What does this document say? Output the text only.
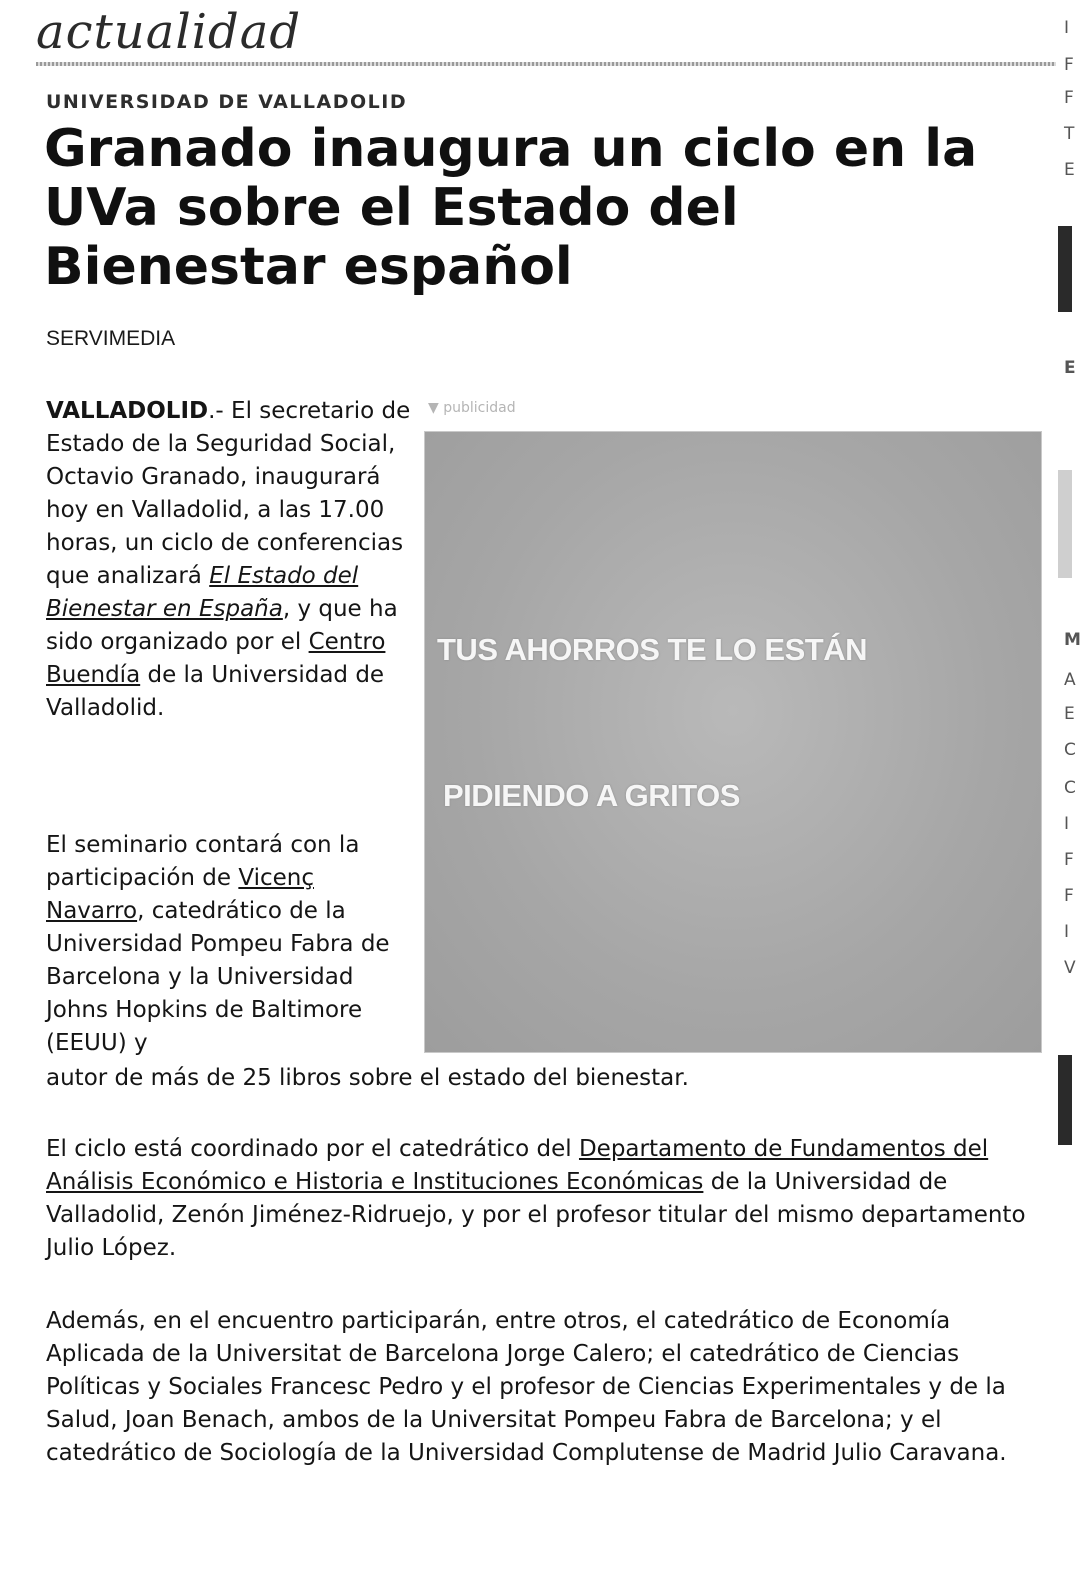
actualidad
UNIVERSIDAD DE VALLADOLID
Granado inaugura un ciclo en la UVa sobre el Estado del Bienestar español
SERVIMEDIA

VALLADOLID.- El secretario de Estado de la Seguridad Social, Octavio Granado, inaugurará hoy en Valladolid, a las 17.00 horas, un ciclo de conferencias que analizará El Estado del Bienestar en España, y que ha sido organizado por el Centro Buendía de la Universidad de Valladolid.

El seminario contará con la participación de Vicenç Navarro, catedrático de la Universidad Pompeu Fabra de Barcelona y la Universidad Johns Hopkins de Baltimore (EEUU) y

autor de más de 25 libros sobre el estado del bienestar.

El ciclo está coordinado por el catedrático del Departamento de Fundamentos del Análisis Económico e Historia e Instituciones Económicas de la Universidad de Valladolid, Zenón Jiménez-Ridruejo, y por el profesor titular del mismo departamento Julio López.

Además, en el encuentro participarán, entre otros, el catedrático de Economía Aplicada de la Universitat de Barcelona Jorge Calero; el catedrático de Ciencias Políticas y Sociales Francesc Pedro y el profesor de Ciencias Experimentales y de la Salud, Joan Benach, ambos de la Universitat Pompeu Fabra de Barcelona; y el catedrático de Sociología de la Universidad Complutense de Madrid Julio Caravana.

▼ publicidad
TUS AHORROS TE LO ESTÁN
PIDIENDO A GRITOS
I
F
F
T
E
E
M
A
E
C
C
I
F
F
I
V
